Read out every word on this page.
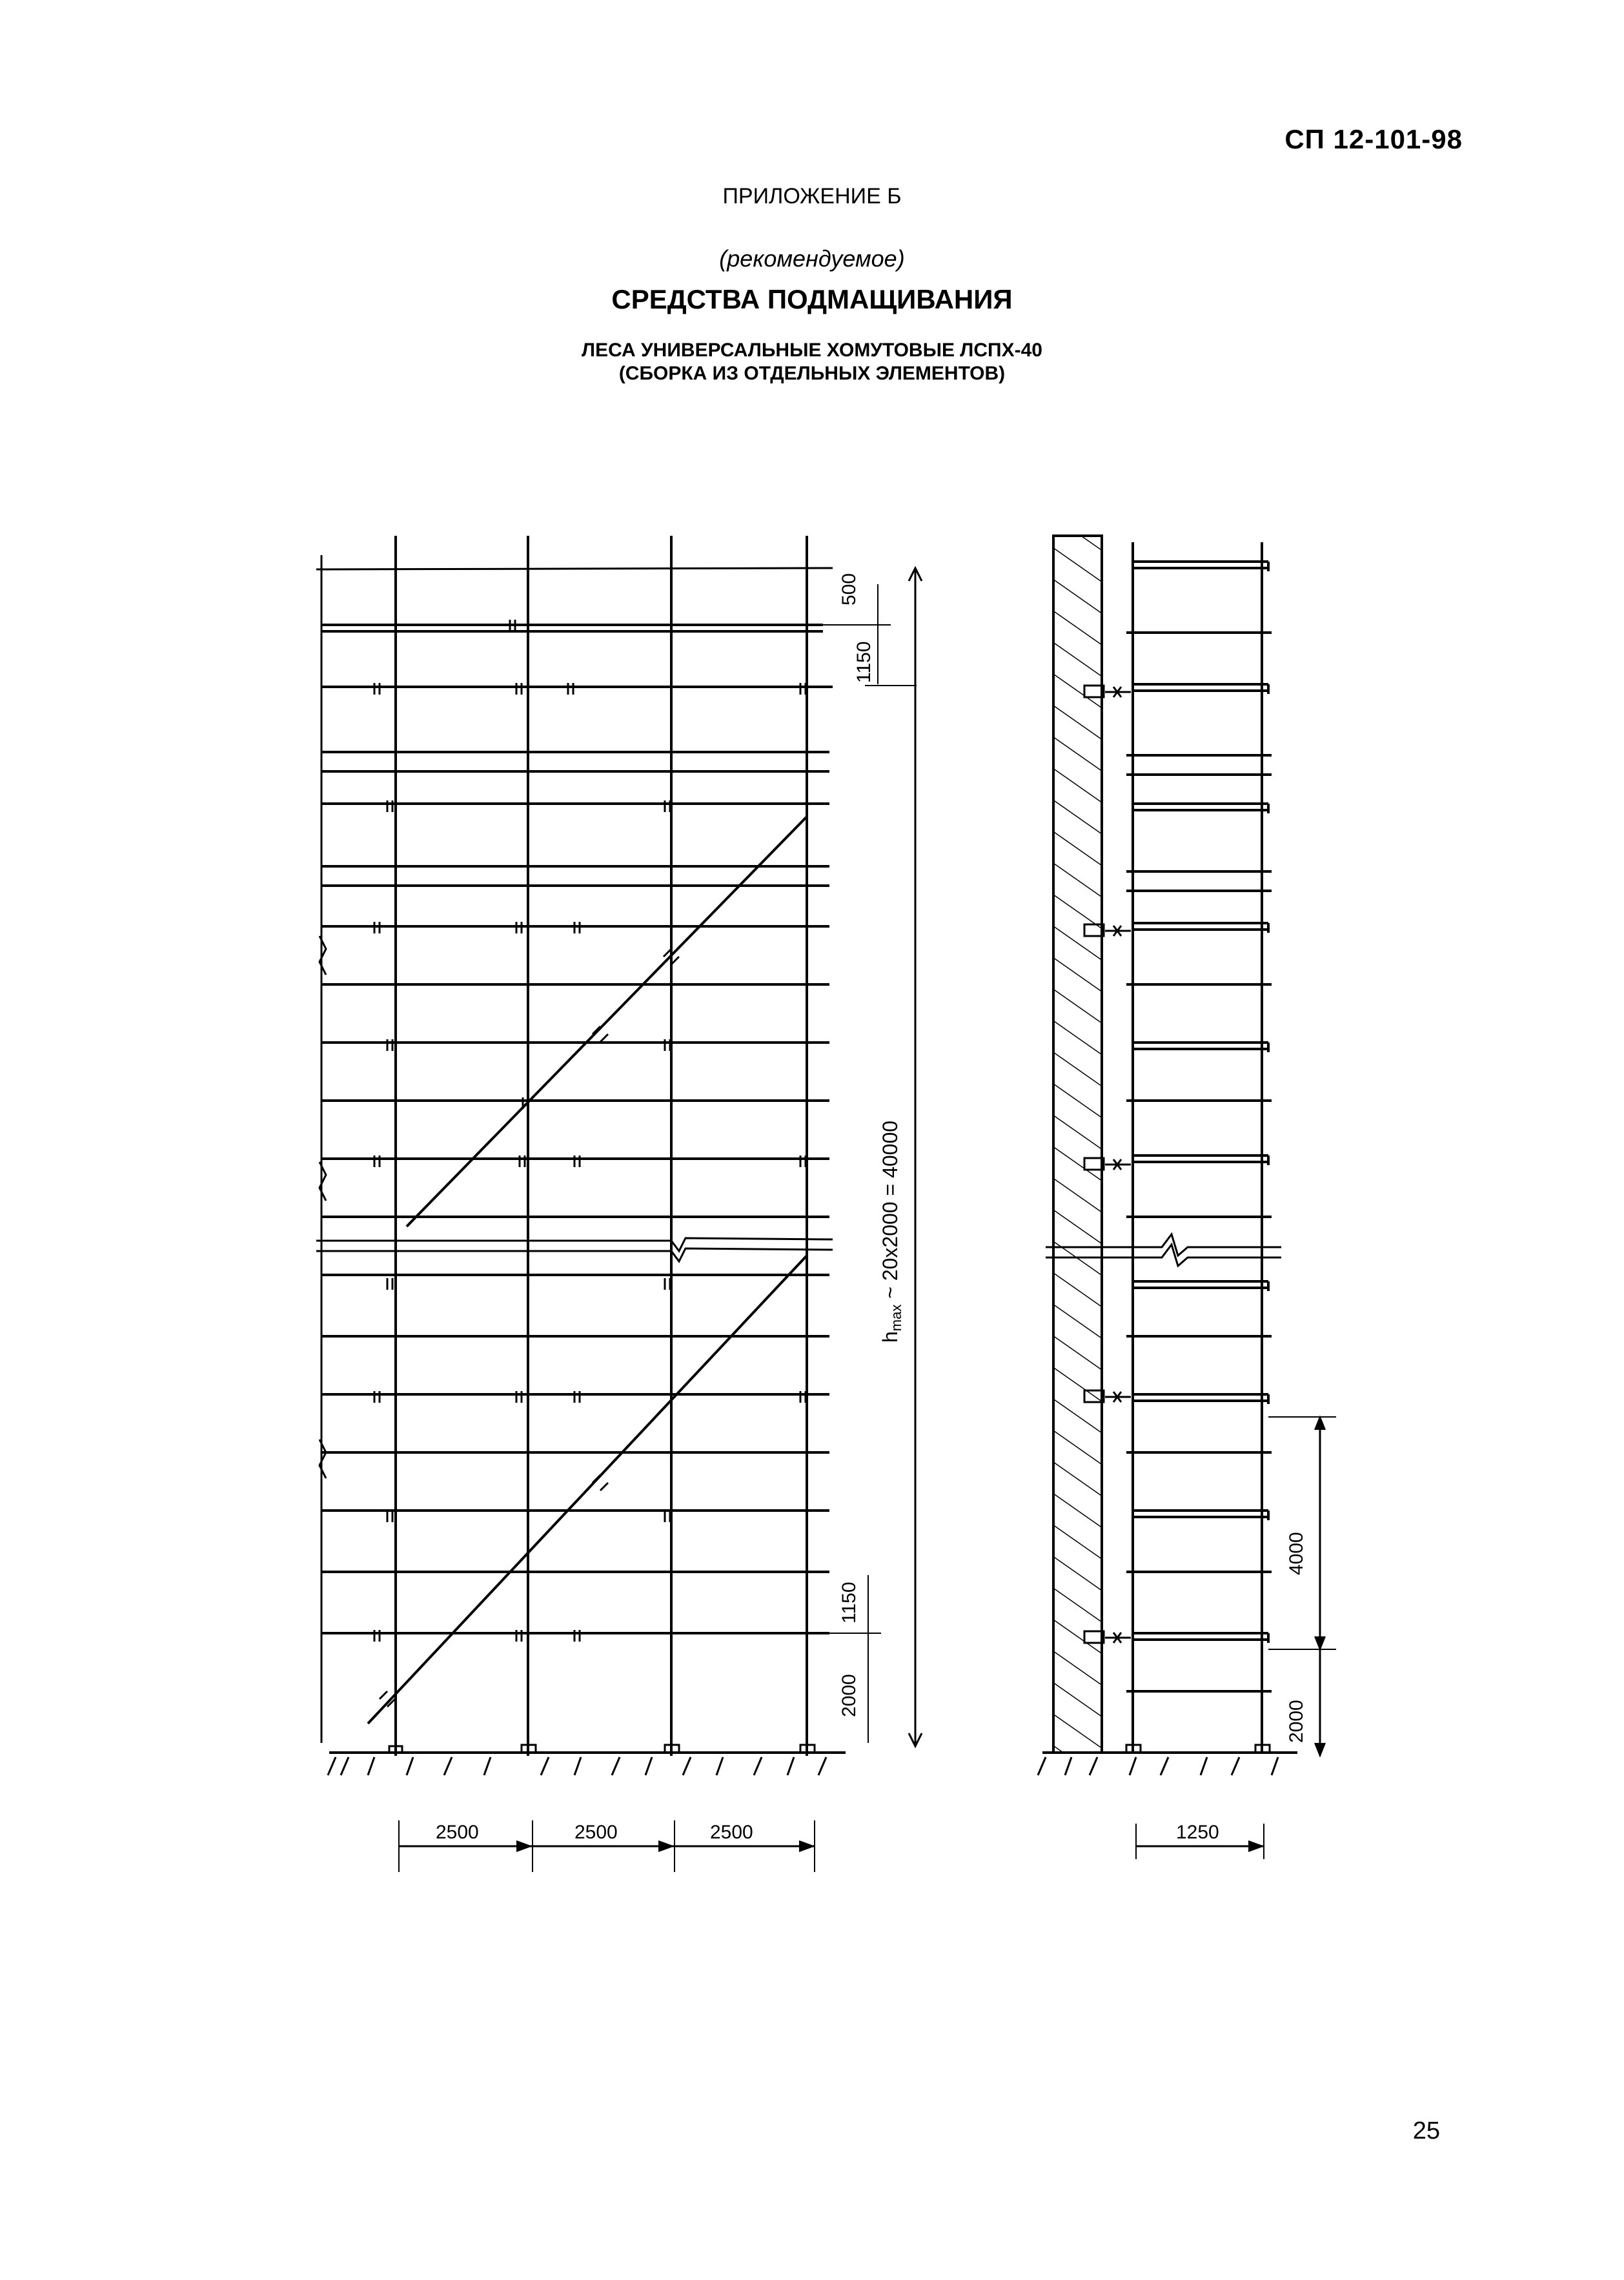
СП 12-101-98
ПРИЛОЖЕНИЕ Б
(рекомендуемое)
СРЕДСТВА ПОДМАЩИВАНИЯ
ЛЕСА УНИВЕРСАЛЬНЫЕ ХОМУТОВЫЕ ЛСПХ-40
(СБОРКА ИЗ ОТДЕЛЬНЫХ ЭЛЕМЕНТОВ)
500
1150
hmax ~ 20x2000 = 40000
1150
2000
2500	2500	2500
4000
2000
1250
25
